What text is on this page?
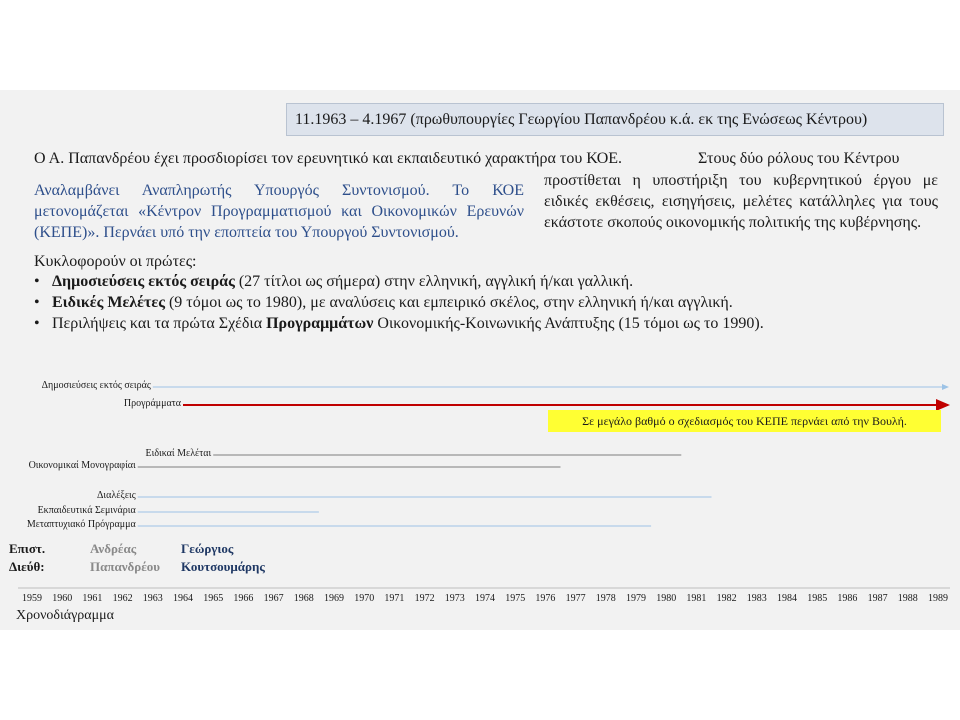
11.1963 – 4.1967 (πρωθυπουργίες Γεωργίου Παπανδρέου κ.ά. εκ της Ενώσεως Κέντρου)
Ο Α. Παπανδρέου έχει προσδιορίσει τον ερευνητικό και εκπαιδευτικό χαρακτήρα του ΚΟΕ.	Στους δύο ρόλους του Κέντρου
προστίθεται η υποστήριξη του κυβερνητικού έργου με ειδικές εκθέσεις, εισηγήσεις, μελέτες κατάλληλες για τους εκάστοτε σκοπούς οικονομικής πολιτικής της κυβέρνησης.
Αναλαμβάνει Αναπληρωτής Υπουργός Συντονισμού. Το ΚΟΕ μετονομάζεται «Κέντρον Προγραμματισμού και Οικονομικών Ερευνών (ΚΕΠΕ)». Περνάει υπό την εποπτεία του Υπουργού Συντονισμού.
Κυκλοφορούν οι πρώτες:
• Δημοσιεύσεις εκτός σειράς (27 τίτλοι ως σήμερα) στην ελληνική, αγγλική ή/και γαλλική.
• Ειδικές Μελέτες (9 τόμοι ως το 1980), με αναλύσεις και εμπειρικό σκέλος, στην ελληνική ή/και αγγλική.
• Περιλήψεις και τα πρώτα Σχέδια Προγραμμάτων Οικονομικής-Κοινωνικής Ανάπτυξης (15 τόμοι ως το 1990).
Δημοσιεύσεις εκτός σειράς
Προγράμματα
Ειδικαί Μελέται
Οικονομικαί Μονογραφίαι
Διαλέξεις
Εκπαιδευτικά Σεμινάρια
Μεταπτυχιακό Πρόγραμμα
Σε μεγάλο βαθμό ο σχεδιασμός του ΚΕΠΕ περνάει από την Βουλή.
Επιστ.
Διεύθ:
Ανδρέας
Παπανδρέου
Γεώργιος
Κουτσουμάρης
1959 1960 1961 1962 1963 1964 1965 1966 1967 1968 1969 1970 1971 1972 1973 1974 1975 1976 1977 1978 1979 1980 1981 1982 1983 1984 1985 1986 1987 1988 1989
Χρονοδιάγραμμα
